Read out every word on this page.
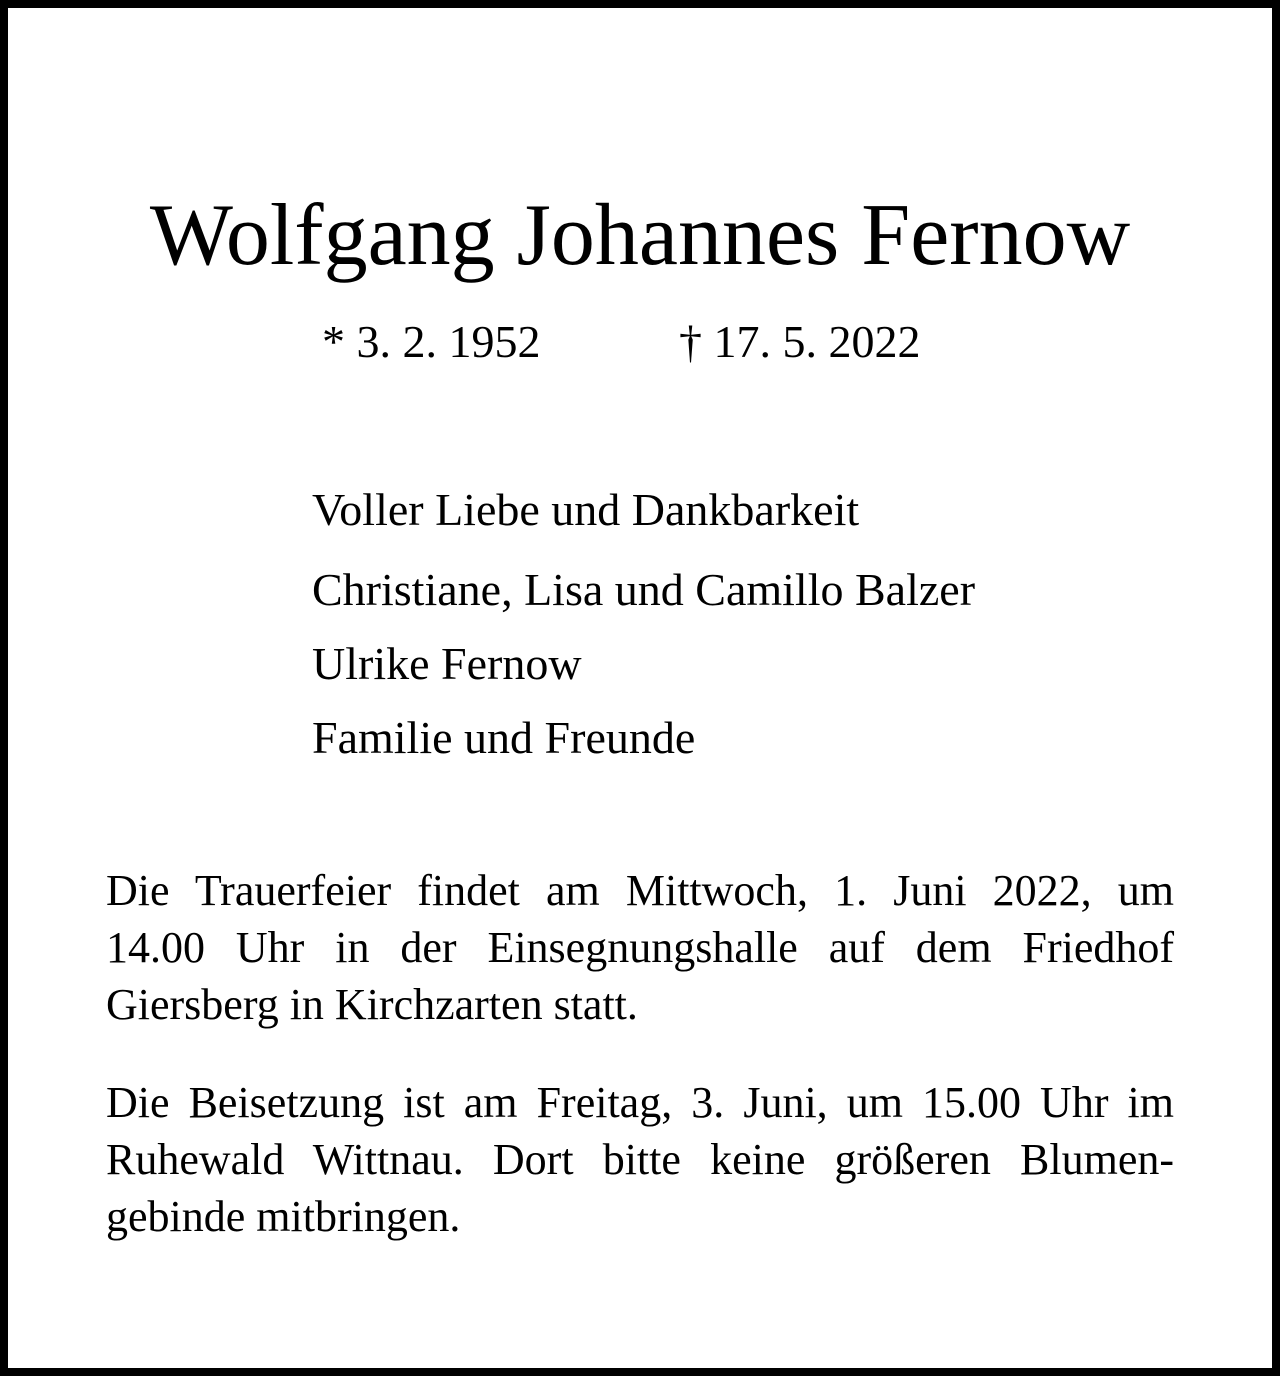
Wolfgang Johannes Fernow
* 3. 2. 1952	† 17. 5. 2022
Voller Liebe und Dankbarkeit
Christiane, Lisa und Camillo Balzer
Ulrike Fernow
Familie und Freunde
Die Trauerfeier findet am Mittwoch, 1. Juni 2022, um
14.00 Uhr in der Einsegnungshalle auf dem Friedhof
Giersberg in Kirchzarten statt.
Die Beisetzung ist am Freitag, 3. Juni, um 15.00 Uhr im
Ruhewald Wittnau. Dort bitte keine größeren Blumen-
gebinde mitbringen.
